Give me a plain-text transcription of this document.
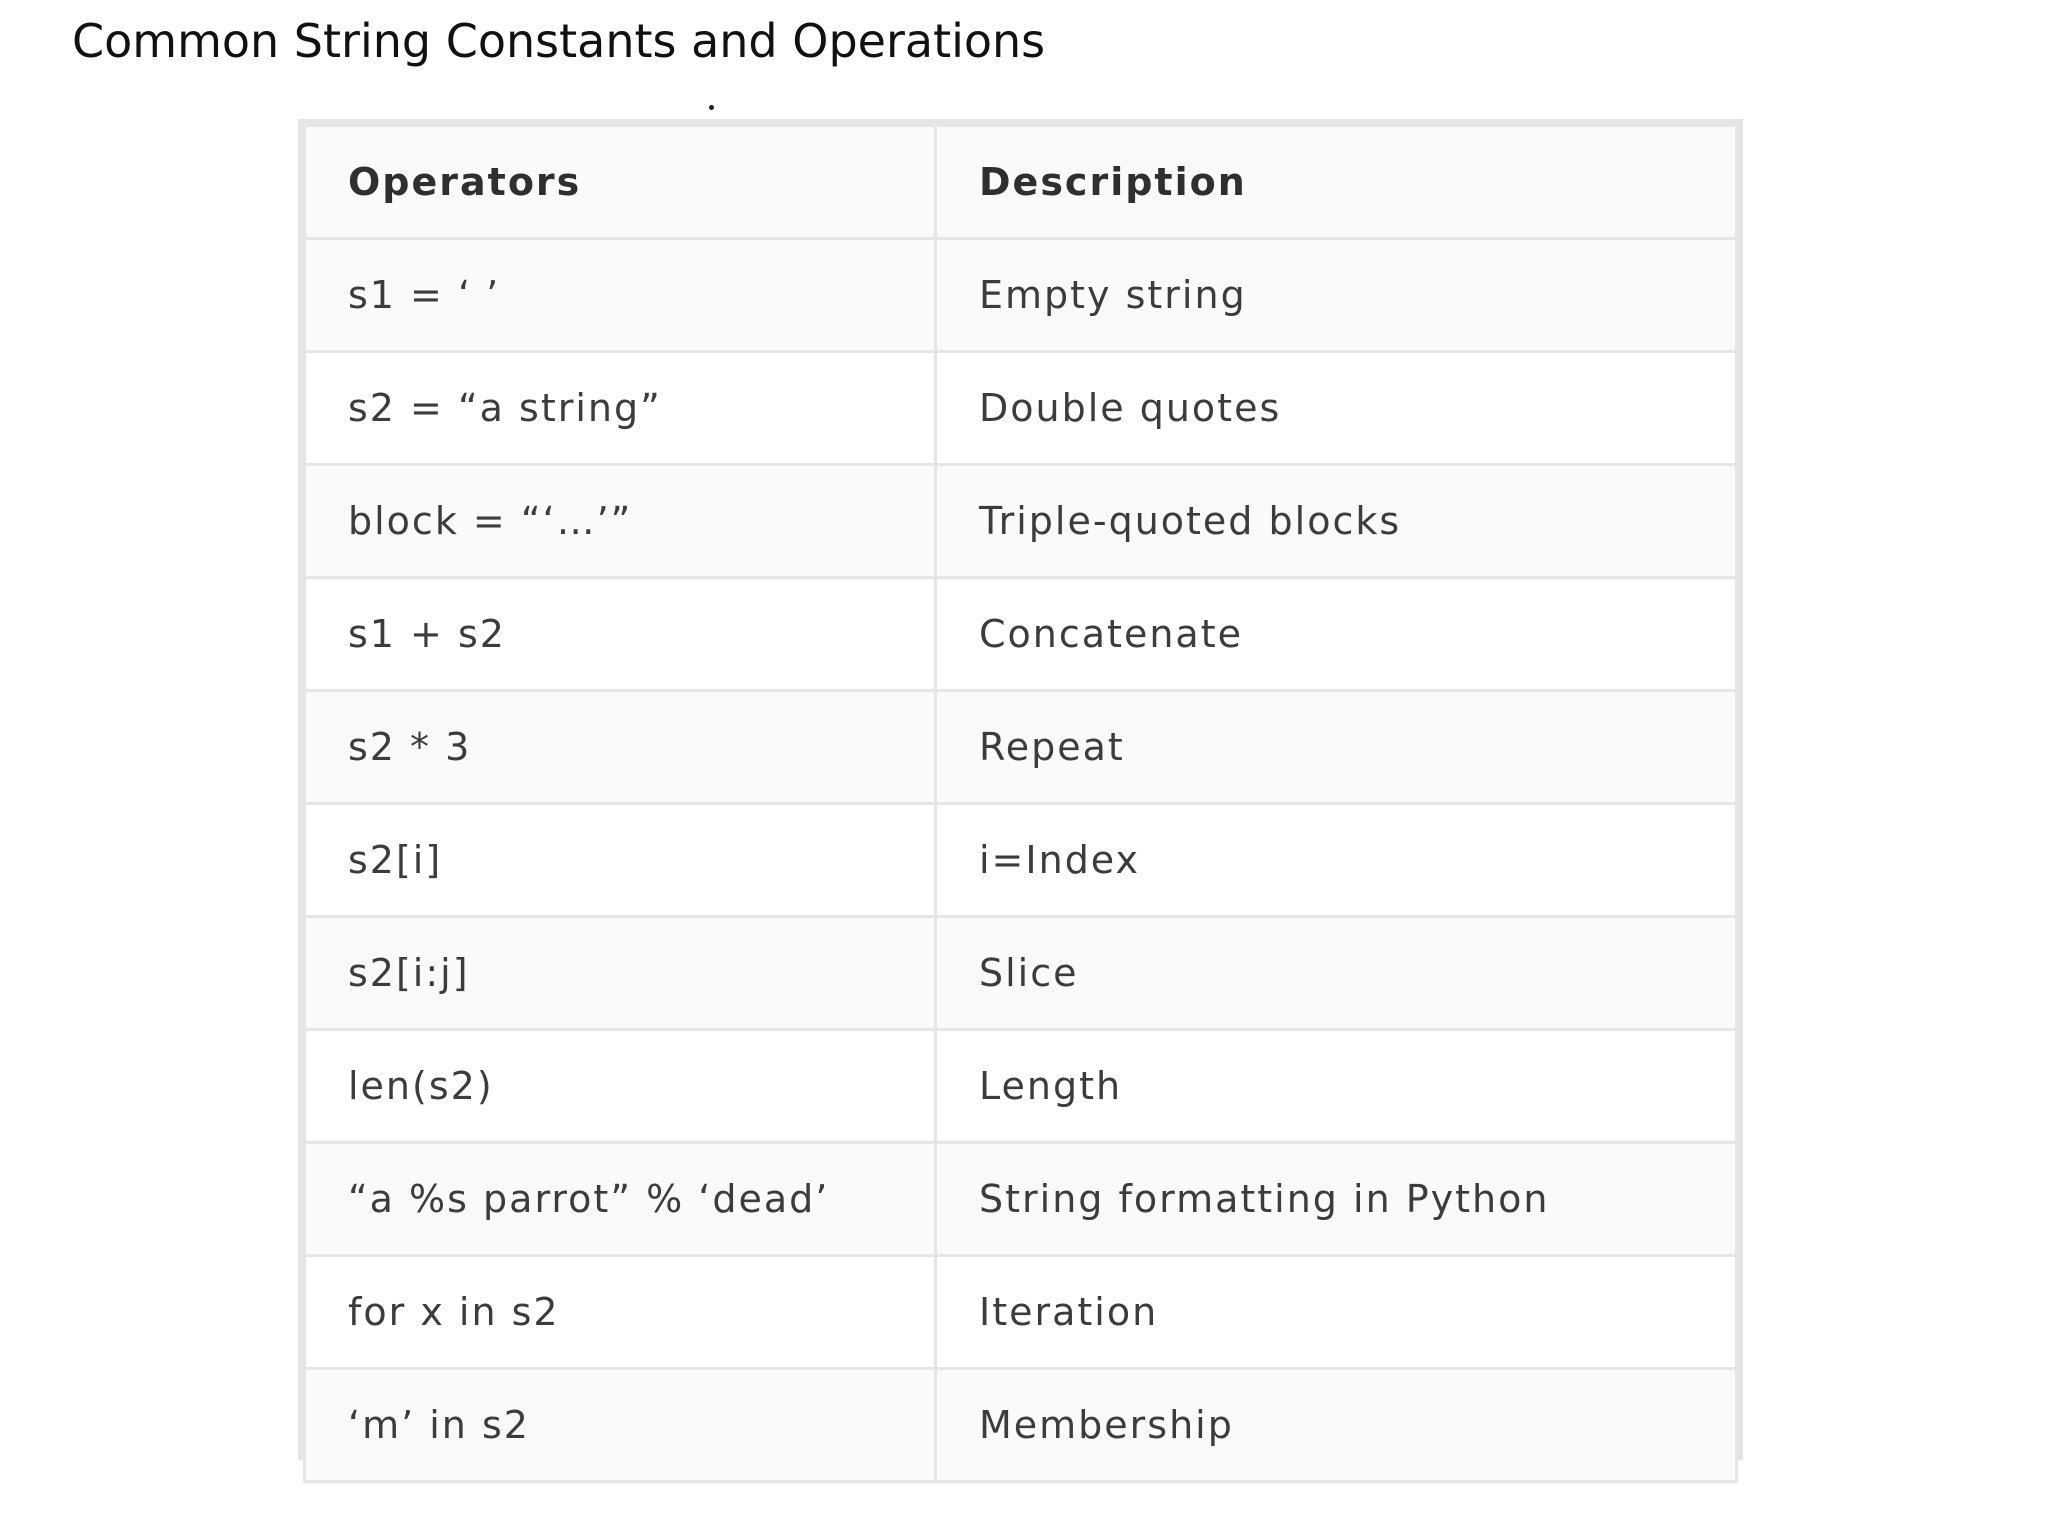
Common String Constants and Operations
Operators	Description
s1 = ‘ ’	Empty string
s2 = “a string”	Double quotes
block = “‘…’”	Triple-quoted blocks
s1 + s2	Concatenate
s2 * 3	Repeat
s2[i]	i=Index
s2[i:j]	Slice
len(s2)	Length
“a %s parrot” % ‘dead’	String formatting in Python
for x in s2	Iteration
‘m’ in s2	Membership
